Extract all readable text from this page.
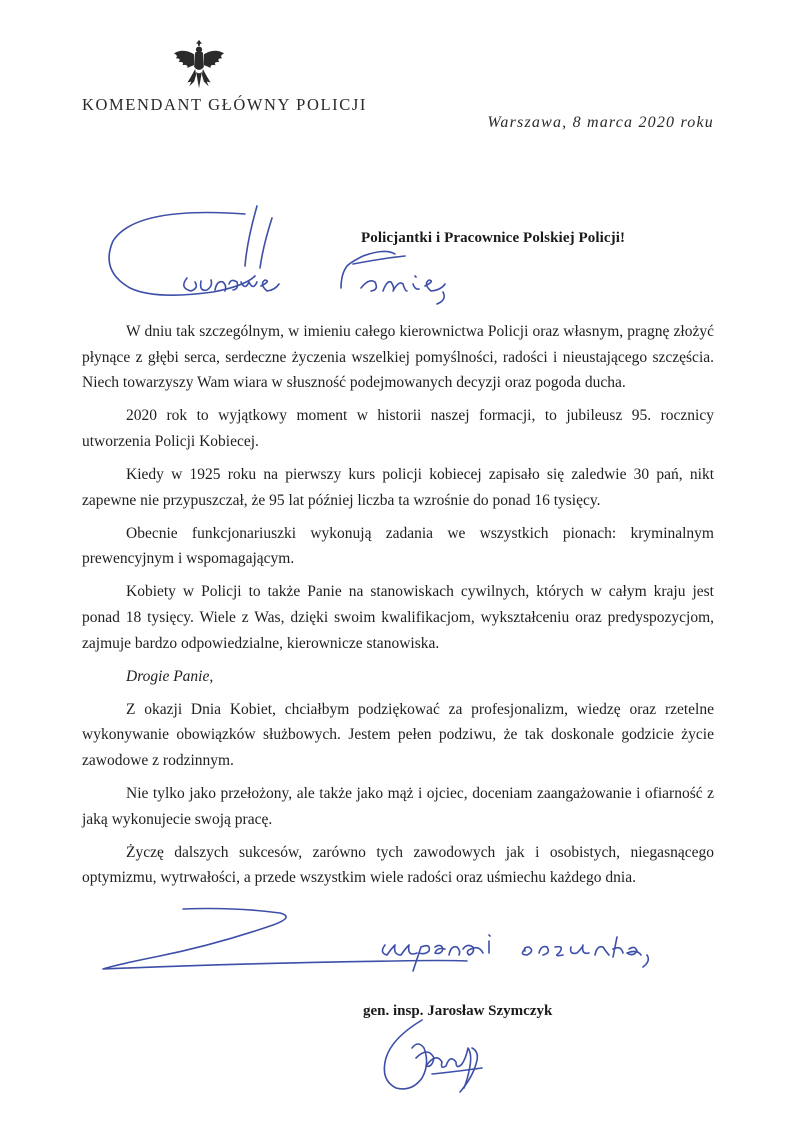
KOMENDANT GŁÓWNY POLICJI
Warszawa, 8 marca 2020 roku
Policjantki i Pracownice Polskiej Policji!

W dniu tak szczególnym, w imieniu całego kierownictwa Policji oraz własnym, pragnę złożyć płynące z głębi serca, serdeczne życzenia wszelkiej pomyślności, radości i nieustającego szczęścia. Niech towarzyszy Wam wiara w słuszność podejmowanych decyzji oraz pogoda ducha.

2020 rok to wyjątkowy moment w historii naszej formacji, to jubileusz 95. rocznicy utworzenia Policji Kobiecej.

Kiedy w 1925 roku na pierwszy kurs policji kobiecej zapisało się zaledwie 30 pań, nikt zapewne nie przypuszczał, że 95 lat później liczba ta wzrośnie do ponad 16 tysięcy.

Obecnie funkcjonariuszki wykonują zadania we wszystkich pionach: kryminalnym prewencyjnym i wspomagającym.

Kobiety w Policji to także Panie na stanowiskach cywilnych, których w całym kraju jest ponad 18 tysięcy. Wiele z Was, dzięki swoim kwalifikacjom, wykształceniu oraz predyspozycjom, zajmuje bardzo odpowiedzialne, kierownicze stanowiska.

Drogie Panie,

Z okazji Dnia Kobiet, chciałbym podziękować za profesjonalizm, wiedzę oraz rzetelne wykonywanie obowiązków służbowych. Jestem pełen podziwu, że tak doskonale godzicie życie zawodowe z rodzinnym.

Nie tylko jako przełożony, ale także jako mąż i ojciec, doceniam zaangażowanie i ofiarność z jaką wykonujecie swoją pracę.

Życzę dalszych sukcesów, zarówno tych zawodowych jak i osobistych, niegasnącego optymizmu, wytrwałości, a przede wszystkim wiele radości oraz uśmiechu każdego dnia.

gen. insp. Jarosław Szymczyk
